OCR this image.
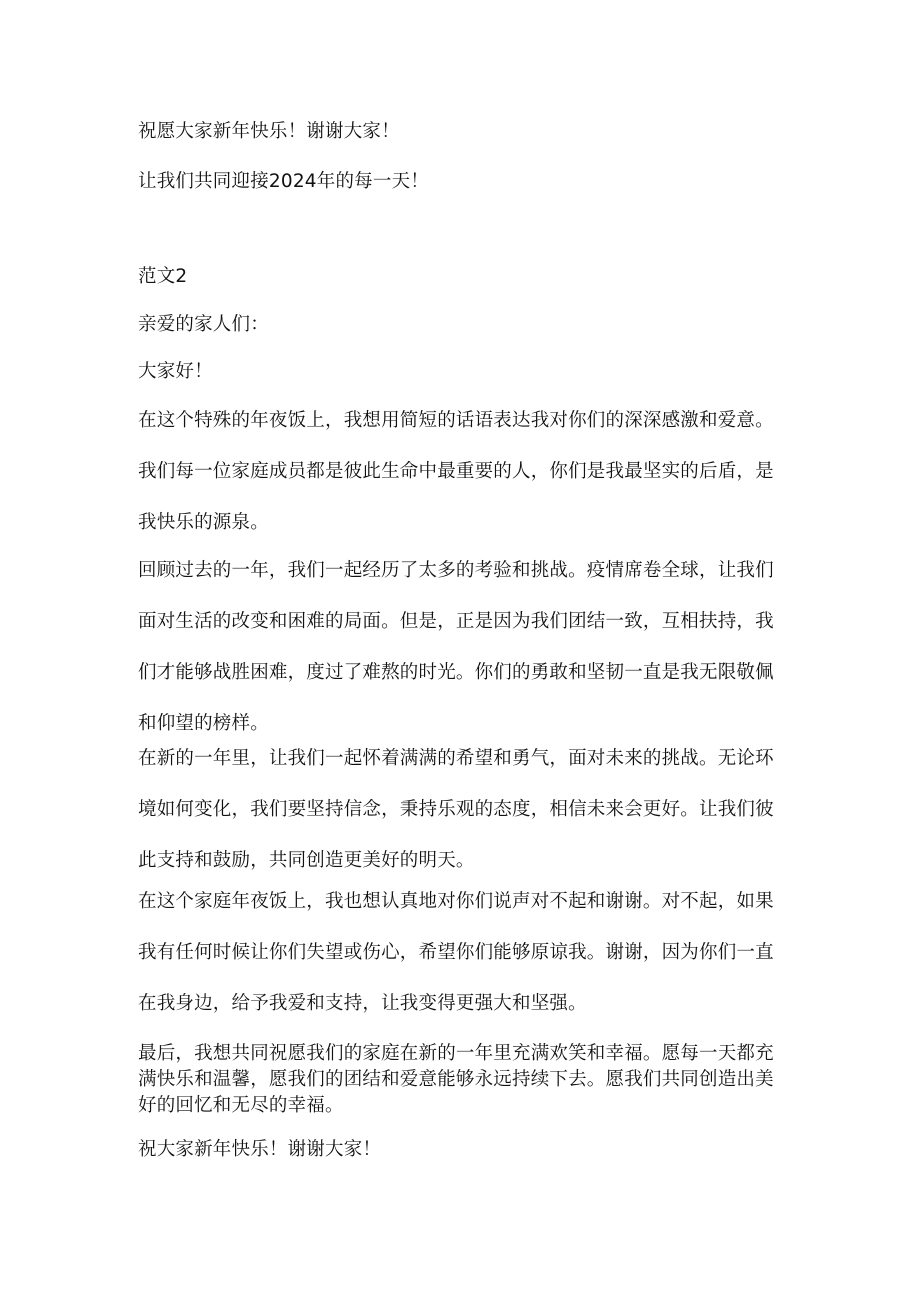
祝愿大家新年快乐！谢谢大家！

让我们共同迎接2024年的每一天！

范文2

亲爱的家人们：

大家好！

在这个特殊的年夜饭上，我想用简短的话语表达我对你们的深深感激和爱意。我们每一位家庭成员都是彼此生命中最重要的人，你们是我最坚实的后盾，是我快乐的源泉。

回顾过去的一年，我们一起经历了太多的考验和挑战。疫情席卷全球，让我们面对生活的改变和困难的局面。但是，正是因为我们团结一致，互相扶持，我们才能够战胜困难，度过了难熬的时光。你们的勇敢和坚韧一直是我无限敬佩和仰望的榜样。

在新的一年里，让我们一起怀着满满的希望和勇气，面对未来的挑战。无论环境如何变化，我们要坚持信念，秉持乐观的态度，相信未来会更好。让我们彼此支持和鼓励，共同创造更美好的明天。

在这个家庭年夜饭上，我也想认真地对你们说声对不起和谢谢。对不起，如果我有任何时候让你们失望或伤心，希望你们能够原谅我。谢谢，因为你们一直在我身边，给予我爱和支持，让我变得更强大和坚强。

最后，我想共同祝愿我们的家庭在新的一年里充满欢笑和幸福。愿每一天都充满快乐和温馨，愿我们的团结和爱意能够永远持续下去。愿我们共同创造出美好的回忆和无尽的幸福。

祝大家新年快乐！谢谢大家！
